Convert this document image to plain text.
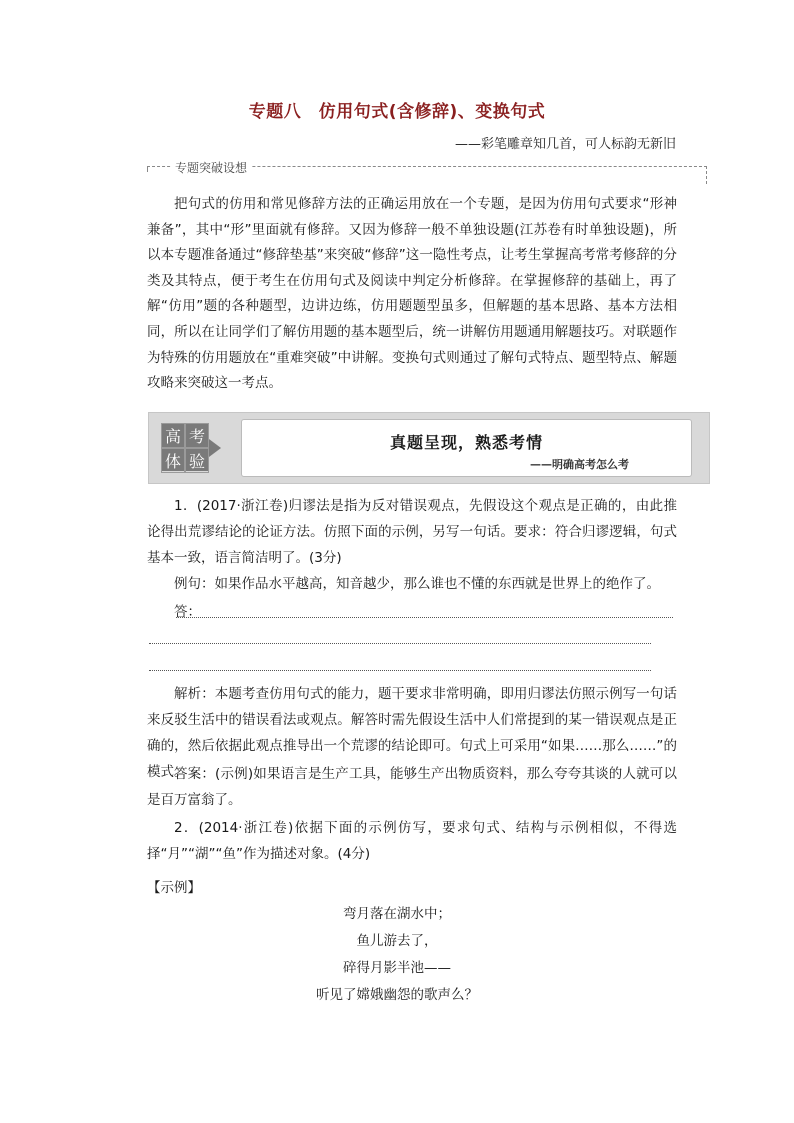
专题八　仿用句式(含修辞)、变换句式
——彩笔雕章知几首，可人标韵无新旧
专题突破设想
把句式的仿用和常见修辞方法的正确运用放在一个专题，是因为仿用句式要求“形神兼备”，其中“形”里面就有修辞。又因为修辞一般不单独设题(江苏卷有时单独设题)，所以本专题准备通过“修辞垫基”来突破“修辞”这一隐性考点，让考生掌握高考常考修辞的分类及其特点，便于考生在仿用句式及阅读中判定分析修辞。在掌握修辞的基础上，再了解“仿用”题的各种题型，边讲边练，仿用题题型虽多，但解题的基本思路、基本方法相同，所以在让同学们了解仿用题的基本题型后，统一讲解仿用题通用解题技巧。对联题作为特殊的仿用题放在“重难突破”中讲解。变换句式则通过了解句式特点、题型特点、解题攻略来突破这一考点。
高 考
体 验
真题呈现，熟悉考情
——明确高考怎么考
1．(2017·浙江卷)归谬法是指为反对错误观点，先假设这个观点是正确的，由此推论得出荒谬结论的论证方法。仿照下面的示例，另写一句话。要求：符合归谬逻辑，句式基本一致，语言简洁明了。(3分)
例句：如果作品水平越高，知音越少，那么谁也不懂的东西就是世界上的绝作了。
答：
解析：本题考查仿用句式的能力，题干要求非常明确，即用归谬法仿照示例写一句话来反驳生活中的错误看法或观点。解答时需先假设生活中人们常提到的某一错误观点是正确的，然后依据此观点推导出一个荒谬的结论即可。句式上可采用“如果……那么……”的模式。
答案：(示例)如果语言是生产工具，能够生产出物质资料，那么夸夸其谈的人就可以是百万富翁了。
2．(2014·浙江卷)依据下面的示例仿写，要求句式、结构与示例相似，不得选择“月”“湖”“鱼”作为描述对象。(4分)
【示例】
弯月落在湖水中；
鱼儿游去了，
碎得月影半池——
听见了嫦娥幽怨的歌声么？
